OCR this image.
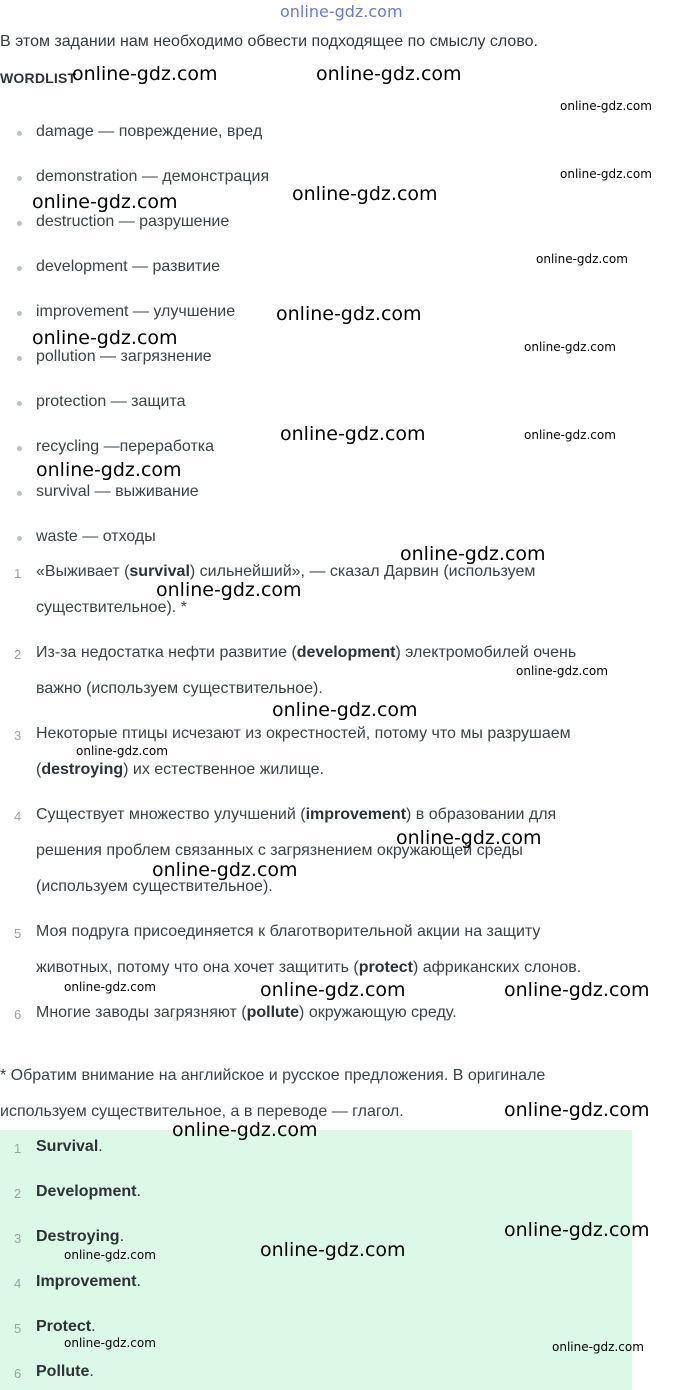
online-gdz.com
В этом задании нам необходимо обвести подходящее по смыслу слово.
WORDLIST
damage — повреждение, вред
demonstration — демонстрация
destruction — разрушение
development — развитие
improvement — улучшение
pollution — загрязнение
protection — защита
recycling —переработка
survival — выживание
waste — отходы
1 «Выживает (survival) сильнейший», — сказал Дарвин (используем
существительное). *
2 Из-за недостатка нефти развитие (development) электромобилей очень
важно (используем существительное).
3 Некоторые птицы исчезают из окрестностей, потому что мы разрушаем
(destroying) их естественное жилище.
4 Существует множество улучшений (improvement) в образовании для
решения проблем связанных с загрязнением окружающей среды
(используем существительное).
5 Моя подруга присоединяется к благотворительной акции на защиту
животных, потому что она хочет защитить (protect) африканских слонов.
6 Многие заводы загрязняют (pollute) окружающую среду.
* Обратим внимание на английское и русское предложения. В оригинале
используем существительное, а в переводе — глагол.
1 Survival.
2 Development.
3 Destroying.
4 Improvement.
5 Protect.
6 Pollute.
online-gdz.com	online-gdz.com
online-gdz.com
online-gdz.com
online-gdz.com
online-gdz.com
online-gdz.com
online-gdz.com
online-gdz.com	online-gdz.com
online-gdz.com	online-gdz.com
online-gdz.com
online-gdz.com
online-gdz.com
online-gdz.com
online-gdz.com
online-gdz.com
online-gdz.com
online-gdz.com
online-gdz.com	online-gdz.com	online-gdz.com
online-gdz.com
online-gdz.com
online-gdz.com
online-gdz.com
online-gdz.com
online-gdz.com	online-gdz.com
